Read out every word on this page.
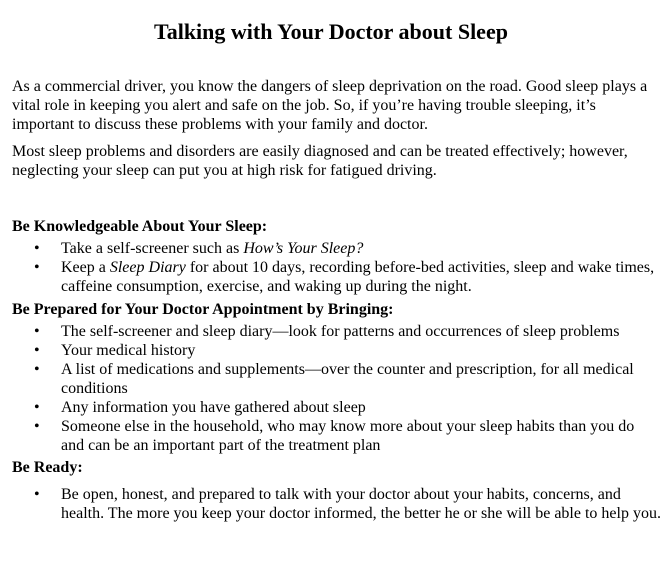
Talking with Your Doctor about Sleep

As a commercial driver, you know the dangers of sleep deprivation on the road. Good sleep plays a vital role in keeping you alert and safe on the job. So, if you’re having trouble sleeping, it’s important to discuss these problems with your family and doctor.

Most sleep problems and disorders are easily diagnosed and can be treated effectively; however, neglecting your sleep can put you at high risk for fatigued driving.

Be Knowledgeable About Your Sleep:
• Take a self-screener such as How’s Your Sleep?
• Keep a Sleep Diary for about 10 days, recording before-bed activities, sleep and wake times, caffeine consumption, exercise, and waking up during the night.
Be Prepared for Your Doctor Appointment by Bringing:
• The self-screener and sleep diary—look for patterns and occurrences of sleep problems
• Your medical history
• A list of medications and supplements—over the counter and prescription, for all medical conditions
• Any information you have gathered about sleep
• Someone else in the household, who may know more about your sleep habits than you do and can be an important part of the treatment plan
Be Ready:
• Be open, honest, and prepared to talk with your doctor about your habits, concerns, and health. The more you keep your doctor informed, the better he or she will be able to help you.
